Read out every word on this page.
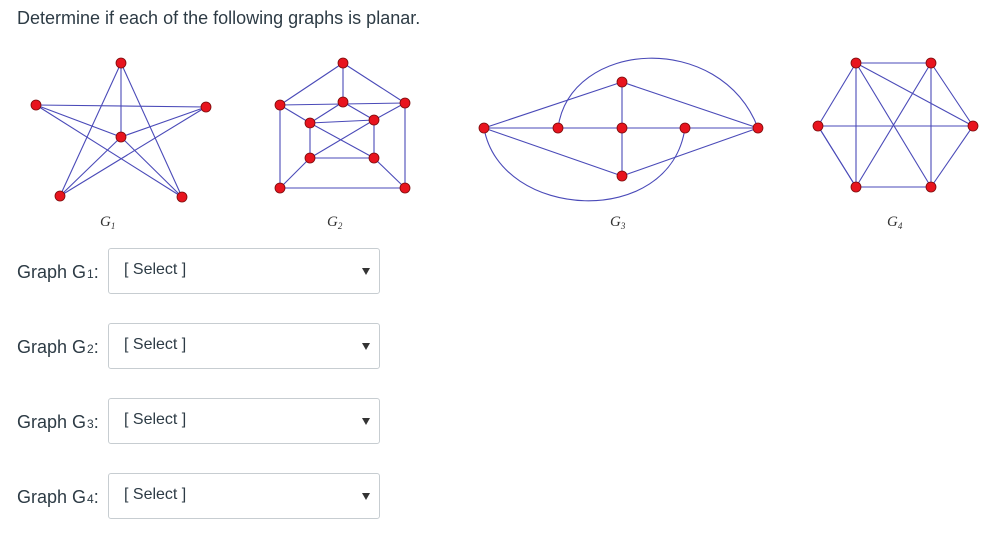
Determine if each of the following graphs is planar.
$G_1$	$G_2$	$G_3$	$G_4$
Graph G 1 : [ Select ]
Graph G 2 : [ Select ]
Graph G 3 : [ Select ]
Graph G 4 : [ Select ]
